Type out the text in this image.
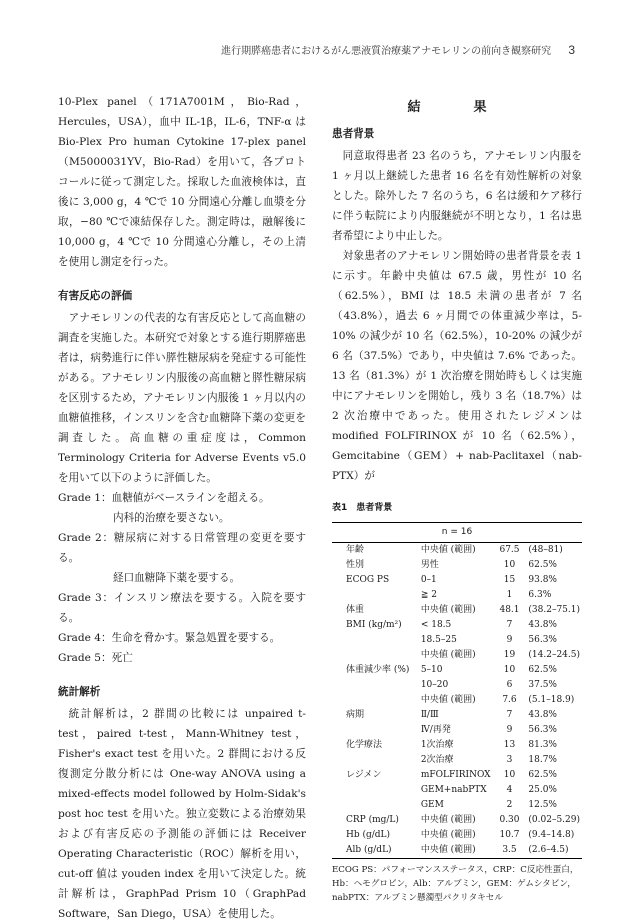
進行期膵癌患者におけるがん悪液質治療薬アナモレリンの前向き観察研究 3

10-Plex panel（171A7001M，Bio-Rad，Hercules，USA），血中 IL-1β，IL-6，TNF-α は Bio-Plex Pro human Cytokine 17-plex panel（M5000031YV，Bio-Rad）を用いて，各プロトコールに従って測定した。採取した血液検体は，直後に 3,000 g，4 ℃で 10 分間遠心分離し血漿を分取，−80 ℃で凍結保存した。測定時は，融解後に 10,000 g，4 ℃で 10 分間遠心分離し，その上清を使用し測定を行った。

有害反応の評価

アナモレリンの代表的な有害反応として高血糖の調査を実施した。本研究で対象とする進行期膵癌患者は，病勢進行に伴い膵性糖尿病を発症する可能性がある。アナモレリン内服後の高血糖と膵性糖尿病を区別するため，アナモレリン内服後 1 ヶ月以内の血糖値推移，インスリンを含む血糖降下薬の変更を調査した。高血糖の重症度は，Common Terminology Criteria for Adverse Events v5.0 を用いて以下のように評価した。

Grade 1：血糖値がベースラインを超える。

内科的治療を要さない。

Grade 2：糖尿病に対する日常管理の変更を要する。

経口血糖降下薬を要する。

Grade 3：インスリン療法を要する。入院を要する。

Grade 4：生命を脅かす。緊急処置を要する。

Grade 5：死亡

統計解析

統計解析は，2 群間の比較には unpaired t-test，paired t-test，Mann-Whitney test，Fisher's exact test を用いた。2 群間における反復測定分散分析には One-way ANOVA using a mixed-effects model followed by Holm-Sidak's post hoc test を用いた。独立変数による治療効果および有害反応の予測能の評価には Receiver Operating Characteristic（ROC）解析を用い，cut-off 値は youden index を用いて決定した。統計解析は，GraphPad Prism 10（GraphPad Software，San Diego，USA）を使用した。

結　果
患者背景

同意取得患者 23 名のうち，アナモレリン内服を 1 ヶ月以上継続した患者 16 名を有効性解析の対象とした。除外した 7 名のうち，6 名は緩和ケア移行に伴う転院により内服継続が不明となり，1 名は患者希望により中止した。

対象患者のアナモレリン開始時の患者背景を表 1 に示す。年齢中央値は 67.5 歳，男性が 10 名（62.5%），BMI は 18.5 未満の患者が 7 名（43.8%），過去 6 ヶ月間での体重減少率は，5-10% の減少が 10 名（62.5%），10-20% の減少が 6 名（37.5%）であり，中央値は 7.6% であった。13 名（81.3%）が 1 次治療を開始時もしくは実施中にアナモレリンを開始し，残り 3 名（18.7%）は 2 次治療中であった。使用されたレジメンは modified FOLFIRINOX が 10 名（62.5%），Gemcitabine（GEM）+ nab-Paclitaxel（nab-PTX）が

表1　患者背景
n = 16			
年齢	中央値 (範囲)	67.5	(48–81)
性別	男性	10	62.5%
ECOG PS	0–1	15	93.8%
	≧ 2	1	6.3%
体重	中央値 (範囲)	48.1	(38.2–75.1)
BMI (kg/m²)	< 18.5	7	43.8%
	18.5–25	9	56.3%
	中央値 (範囲)	19	(14.2–24.5)
体重減少率 (%)	5–10	10	62.5%
	10–20	6	37.5%
	中央値 (範囲)	7.6	(5.1–18.9)
病期	Ⅱ/Ⅲ	7	43.8%
	Ⅳ/再発	9	56.3%
化学療法	1次治療	13	81.3%
	2次治療	3	18.7%
レジメン	mFOLFIRINOX	10	62.5%
	GEM+nabPTX	4	25.0%
	GEM	2	12.5%
CRP (mg/L)	中央値 (範囲)	0.30	(0.02–5.29)
Hb (g/dL)	中央値 (範囲)	10.7	(9.4–14.8)
Alb (g/dL)	中央値 (範囲)	3.5	(2.6–4.5)
ECOG PS：パフォーマンスステータス，CRP：C反応性蛋白，Hb：ヘモグロビン，Alb：アルブミン，GEM：ゲムシタビン，nabPTX：アルブミン懸濁型パクリタキセル
